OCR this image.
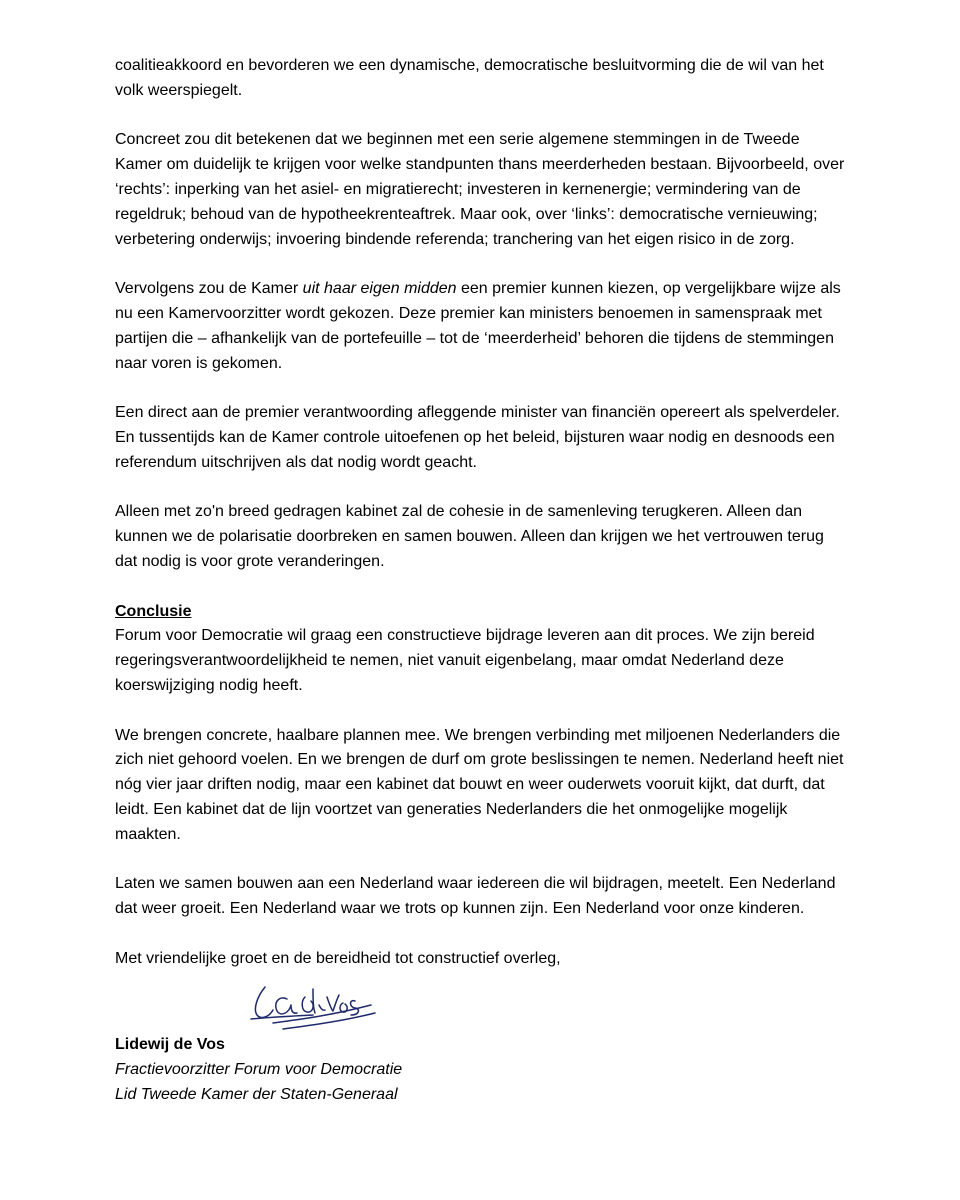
coalitieakkoord en bevorderen we een dynamische, democratische besluitvorming die de wil van het volk weerspiegelt.

Concreet zou dit betekenen dat we beginnen met een serie algemene stemmingen in de Tweede Kamer om duidelijk te krijgen voor welke standpunten thans meerderheden bestaan. Bijvoorbeeld, over ‘rechts’: inperking van het asiel- en migratierecht; investeren in kernenergie; vermindering van de regeldruk; behoud van de hypotheekrenteaftrek. Maar ook, over ‘links’: democratische vernieuwing; verbetering onderwijs; invoering bindende referenda; tranchering van het eigen risico in de zorg.

Vervolgens zou de Kamer uit haar eigen midden een premier kunnen kiezen, op vergelijkbare wijze als nu een Kamervoorzitter wordt gekozen. Deze premier kan ministers benoemen in samenspraak met partijen die – afhankelijk van de portefeuille – tot de ‘meerderheid’ behoren die tijdens de stemmingen naar voren is gekomen.

Een direct aan de premier verantwoording afleggende minister van financiën opereert als spelverdeler. En tussentijds kan de Kamer controle uitoefenen op het beleid, bijsturen waar nodig en desnoods een referendum uitschrijven als dat nodig wordt geacht.

Alleen met zo'n breed gedragen kabinet zal de cohesie in de samenleving terugkeren. Alleen dan kunnen we de polarisatie doorbreken en samen bouwen. Alleen dan krijgen we het vertrouwen terug dat nodig is voor grote veranderingen.

Conclusie

Forum voor Democratie wil graag een constructieve bijdrage leveren aan dit proces. We zijn bereid regeringsverantwoordelijkheid te nemen, niet vanuit eigenbelang, maar omdat Nederland deze koerswijziging nodig heeft.

We brengen concrete, haalbare plannen mee. We brengen verbinding met miljoenen Nederlanders die zich niet gehoord voelen. En we brengen de durf om grote beslissingen te nemen. Nederland heeft niet nóg vier jaar driften nodig, maar een kabinet dat bouwt en weer ouderwets vooruit kijkt, dat durft, dat leidt. Een kabinet dat de lijn voortzet van generaties Nederlanders die het onmogelijke mogelijk maakten.

Laten we samen bouwen aan een Nederland waar iedereen die wil bijdragen, meetelt. Een Nederland dat weer groeit. Een Nederland waar we trots op kunnen zijn. Een Nederland voor onze kinderen.

Met vriendelijke groet en de bereidheid tot constructief overleg,

Lidewij de Vos
Fractievoorzitter Forum voor Democratie
Lid Tweede Kamer der Staten-Generaal
